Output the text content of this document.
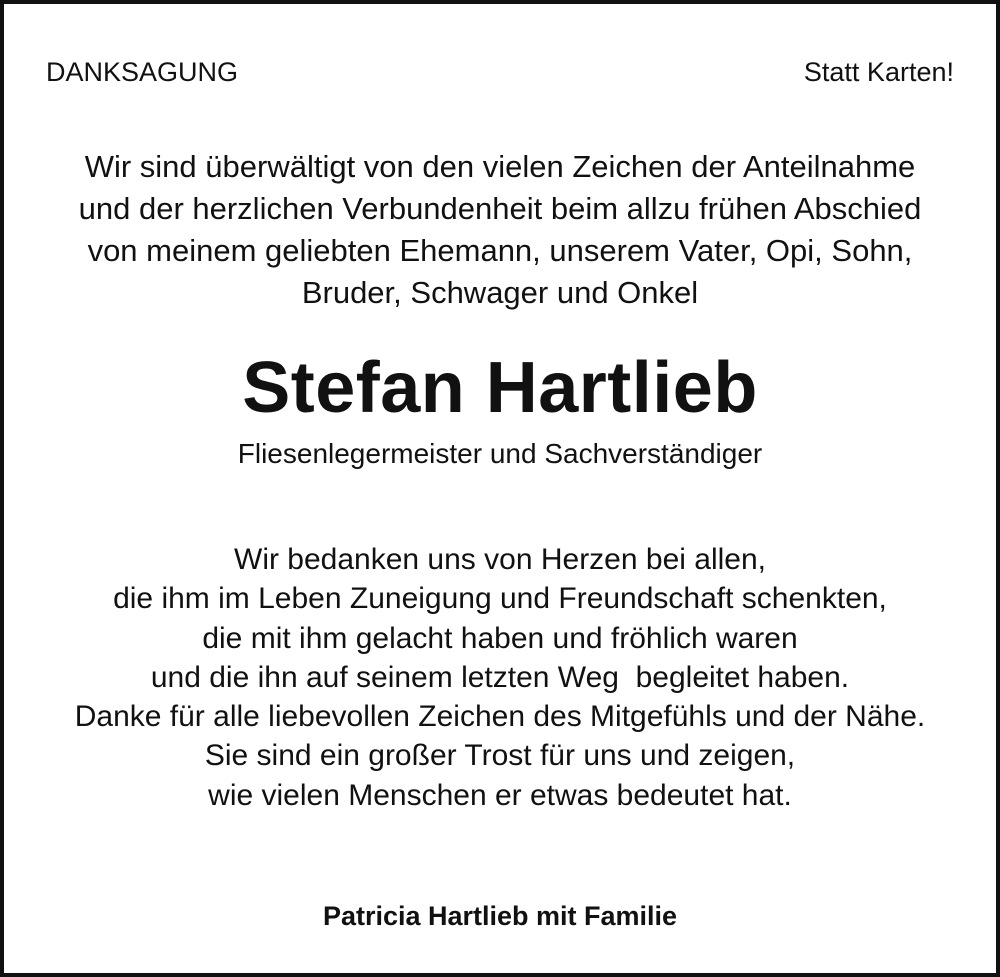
DANKSAGUNG	Statt Karten!
Wir sind überwältigt von den vielen Zeichen der Anteilnahme
und der herzlichen Verbundenheit beim allzu frühen Abschied
von meinem geliebten Ehemann, unserem Vater, Opi, Sohn,
Bruder, Schwager und Onkel
Stefan Hartlieb
Fliesenlegermeister und Sachverständiger
Wir bedanken uns von Herzen bei allen,
die ihm im Leben Zuneigung und Freundschaft schenkten,
die mit ihm gelacht haben und fröhlich waren
und die ihn auf seinem letzten Weg  begleitet haben.
Danke für alle liebevollen Zeichen des Mitgefühls und der Nähe.
Sie sind ein großer Trost für uns und zeigen,
wie vielen Menschen er etwas bedeutet hat.
Patricia Hartlieb mit Familie
